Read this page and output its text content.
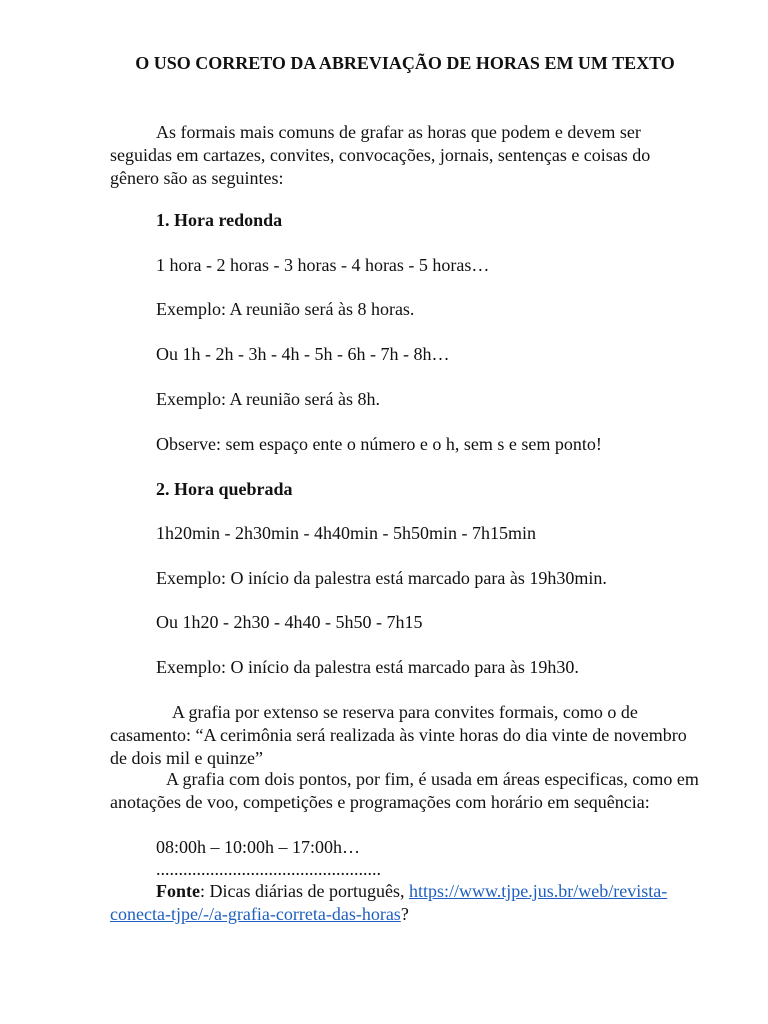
O USO CORRETO DA ABREVIAÇÃO DE HORAS EM UM TEXTO
As formais mais comuns de grafar as horas que podem e devem ser seguidas em cartazes, convites, convocações, jornais, sentenças e coisas do gênero são as seguintes:
1. Hora redonda
1 hora - 2 horas - 3 horas - 4 horas - 5 horas…
Exemplo: A reunião será às 8 horas.
Ou 1h - 2h - 3h - 4h - 5h - 6h - 7h - 8h…
Exemplo: A reunião será às 8h.
Observe: sem espaço ente o número e o h, sem s e sem ponto!
2. Hora quebrada
1h20min - 2h30min - 4h40min - 5h50min - 7h15min
Exemplo: O início da palestra está marcado para às 19h30min.
Ou 1h20 - 2h30 - 4h40 - 5h50 - 7h15
Exemplo: O início da palestra está marcado para às 19h30.
A grafia por extenso se reserva para convites formais, como o de casamento: “A cerimônia será realizada às vinte horas do dia vinte de novembro de dois mil e quinze”
A grafia com dois pontos, por fim, é usada em áreas especificas, como em anotações de voo, competições e programações com horário em sequência:
08:00h – 10:00h – 17:00h…
..................................................
Fonte: Dicas diárias de português, https://www.tjpe.jus.br/web/revista-conecta-tjpe/-/a-grafia-correta-das-horas?
